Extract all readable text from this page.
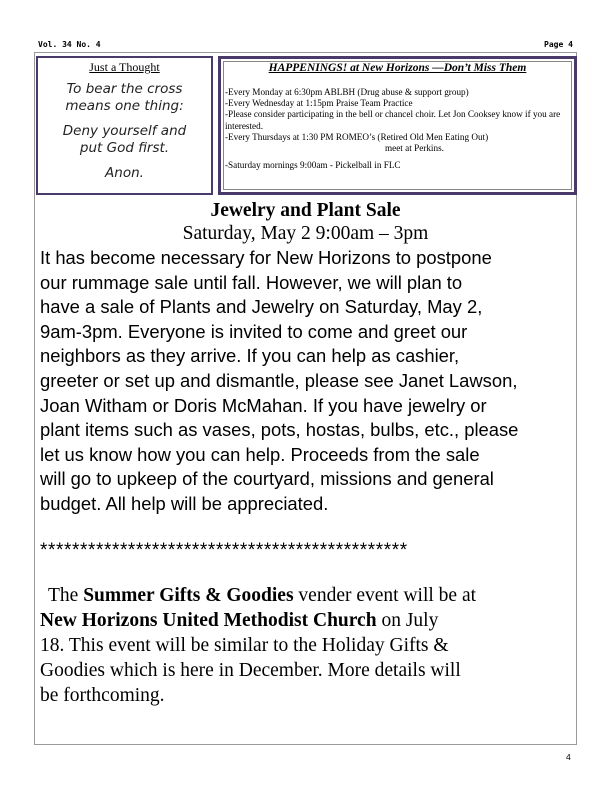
Vol. 34 No. 4	Page 4
Just a Thought
To bear the cross
means one thing:
Deny yourself and
put God first.
Anon.
HAPPENINGS! at New Horizons —Don’t Miss Them
-Every Monday at 6:30pm ABLBH (Drug abuse & support group)
-Every Wednesday at 1:15pm Praise Team Practice
-Please consider participating in the bell or chancel choir. Let Jon Cooksey know if you are interested.
-Every Thursdays at 1:30 PM ROMEO’s (Retired Old Men Eating Out)
meet at Perkins.
-Saturday mornings 9:00am - Pickelball in FLC
Jewelry and Plant Sale
Saturday, May 2 9:00am – 3pm
It has become necessary for New Horizons to postpone
our rummage sale until fall. However, we will plan to
have a sale of Plants and Jewelry on Saturday, May 2,
9am-3pm. Everyone is invited to come and greet our
neighbors as they arrive. If you can help as cashier,
greeter or set up and dismantle, please see Janet Lawson,
Joan Witham or Doris McMahan. If you have jewelry or
plant items such as vases, pots, hostas, bulbs, etc., please
let us know how you can help. Proceeds from the sale
will go to upkeep of the courtyard, missions and general
budget. All help will be appreciated.
**********************************************
The Summer Gifts & Goodies vender event will be at
New Horizons United Methodist Church on July
18. This event will be similar to the Holiday Gifts &
Goodies which is here in December. More details will
be forthcoming.
4
